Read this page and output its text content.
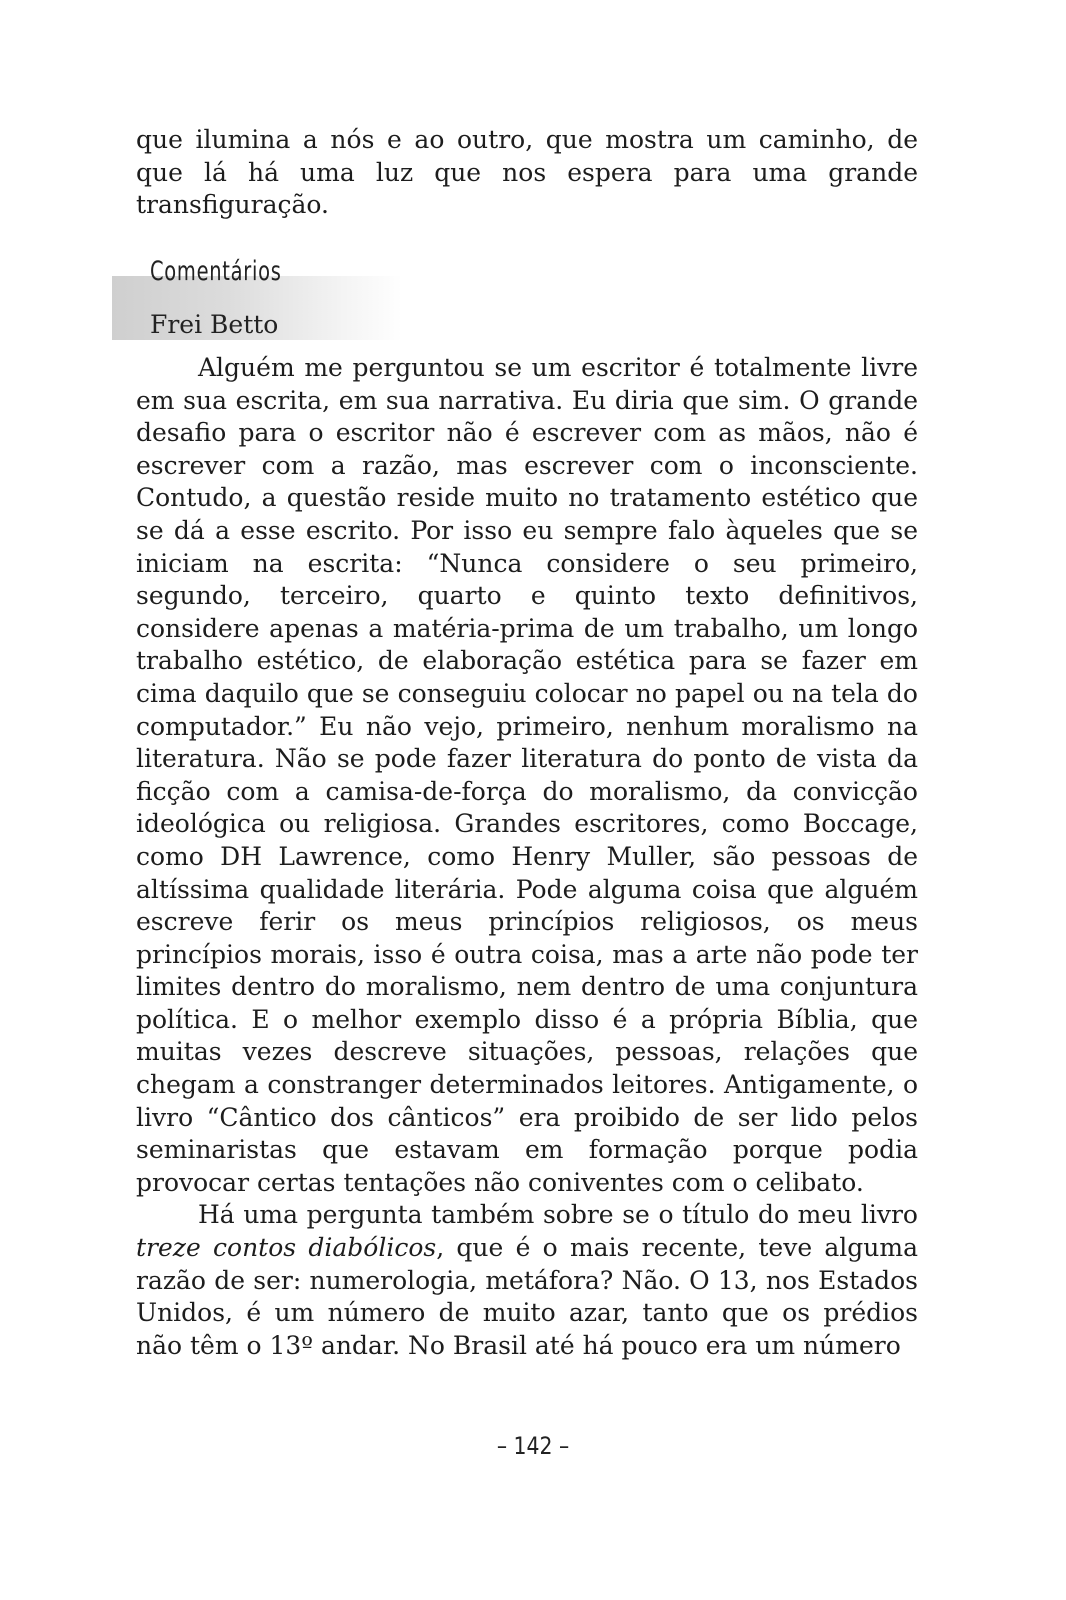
que ilumina a nós e ao outro, que mostra um caminho, de que lá há uma luz que nos espera para uma grande transfiguração.
Comentários
Frei Betto

Alguém me perguntou se um escritor é totalmente livre em sua escrita, em sua narrativa. Eu diria que sim. O grande desafio para o escritor não é escrever com as mãos, não é escrever com a razão, mas escrever com o inconsciente. Contudo, a questão reside muito no tratamento estético que se dá a esse escrito. Por isso eu sempre falo àqueles que se iniciam na escrita: “Nunca considere o seu primeiro, segundo, terceiro, quarto e quinto texto definitivos, considere apenas a matéria-prima de um trabalho, um longo trabalho estético, de elaboração estética para se fazer em cima daquilo que se conseguiu colocar no papel ou na tela do computador.” Eu não vejo, primeiro, nenhum moralismo na literatura. Não se pode fazer literatura do ponto de vista da ficção com a camisa-de-força do moralismo, da convicção ideológica ou religiosa. Grandes escritores, como Boccage, como DH Lawrence, como Henry Muller, são pessoas de altíssima qualidade literária. Pode alguma coisa que alguém escreve ferir os meus princípios religiosos, os meus princípios morais, isso é outra coisa, mas a arte não pode ter limites dentro do moralismo, nem dentro de uma conjuntura política. E o melhor exemplo disso é a própria Bíblia, que muitas vezes descreve situações, pessoas, relações que chegam a constranger determinados leitores. Antigamente, o livro “Cântico dos cânticos” era proibido de ser lido pelos seminaristas que estavam em formação porque podia provocar certas tentações não coniventes com o celibato.

Há uma pergunta também sobre se o título do meu livro treze contos diabólicos, que é o mais recente, teve alguma razão de ser: numerologia, metáfora? Não. O 13, nos Estados Unidos, é um número de muito azar, tanto que os prédios não têm o 13º andar. No Brasil até há pouco era um número

– 142 –
